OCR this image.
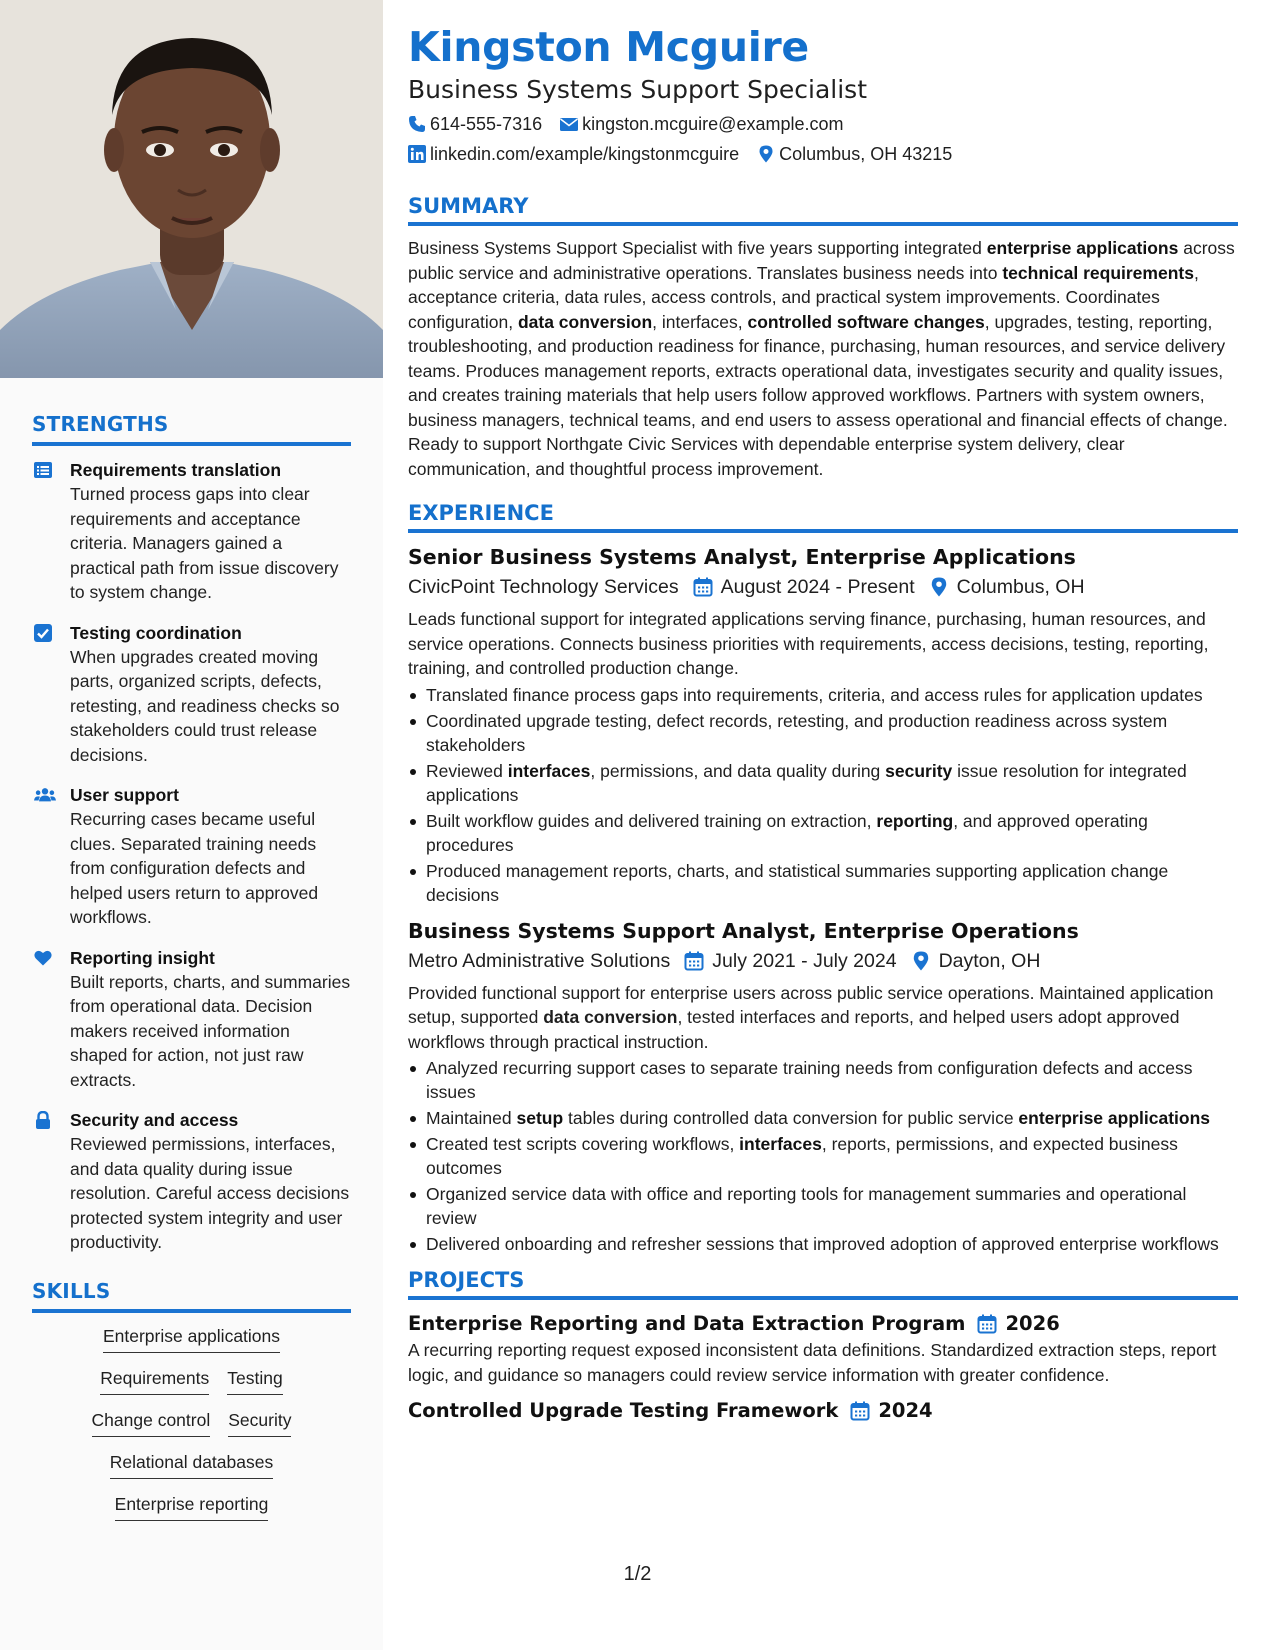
STRENGTHS
Requirements translation
Turned process gaps into clear requirements and acceptance criteria. Managers gained a practical path from issue discovery to system change.
Testing coordination
When upgrades created moving parts, organized scripts, defects, retesting, and readiness checks so stakeholders could trust release decisions.
User support
Recurring cases became useful clues. Separated training needs from configuration defects and helped users return to approved workflows.
Reporting insight
Built reports, charts, and summaries from operational data. Decision makers received information shaped for action, not just raw extracts.
Security and access
Reviewed permissions, interfaces, and data quality during issue resolution. Careful access decisions protected system integrity and user productivity.
SKILLS
Enterprise applications
Requirements Testing
Change control Security
Relational databases
Enterprise reporting
Kingston Mcguire
Business Systems Support Specialist
614-555-7316 kingston.mcguire@example.com
linkedin.com/example/kingstonmcguire Columbus, OH 43215
SUMMARY

Business Systems Support Specialist with five years supporting integrated enterprise applications across public service and administrative operations. Translates business needs into technical requirements, acceptance criteria, data rules, access controls, and practical system improvements. Coordinates configuration, data conversion, interfaces, controlled software changes, upgrades, testing, reporting, troubleshooting, and production readiness for finance, purchasing, human resources, and service delivery teams. Produces management reports, extracts operational data, investigates security and quality issues, and creates training materials that help users follow approved workflows. Partners with system owners, business managers, technical teams, and end users to assess operational and financial effects of change. Ready to support Northgate Civic Services with dependable enterprise system delivery, clear communication, and thoughtful process improvement.

EXPERIENCE
Senior Business Systems Analyst, Enterprise Applications
CivicPoint Technology Services August 2024 - Present Columbus, OH

Leads functional support for integrated applications serving finance, purchasing, human resources, and service operations. Connects business priorities with requirements, access decisions, testing, reporting, training, and controlled production change.

Translated finance process gaps into requirements, criteria, and access rules for application updates
Coordinated upgrade testing, defect records, retesting, and production readiness across system stakeholders
Reviewed interfaces, permissions, and data quality during security issue resolution for integrated applications
Built workflow guides and delivered training on extraction, reporting, and approved operating procedures
Produced management reports, charts, and statistical summaries supporting application change decisions
Business Systems Support Analyst, Enterprise Operations
Metro Administrative Solutions July 2021 - July 2024 Dayton, OH

Provided functional support for enterprise users across public service operations. Maintained application setup, supported data conversion, tested interfaces and reports, and helped users adopt approved workflows through practical instruction.

Analyzed recurring support cases to separate training needs from configuration defects and access issues
Maintained setup tables during controlled data conversion for public service enterprise applications
Created test scripts covering workflows, interfaces, reports, permissions, and expected business outcomes
Organized service data with office and reporting tools for management summaries and operational review
Delivered onboarding and refresher sessions that improved adoption of approved enterprise workflows
PROJECTS
Enterprise Reporting and Data Extraction Program 2026

A recurring reporting request exposed inconsistent data definitions. Standardized extraction steps, report logic, and guidance so managers could review service information with greater confidence.

Controlled Upgrade Testing Framework 2024
1/2
